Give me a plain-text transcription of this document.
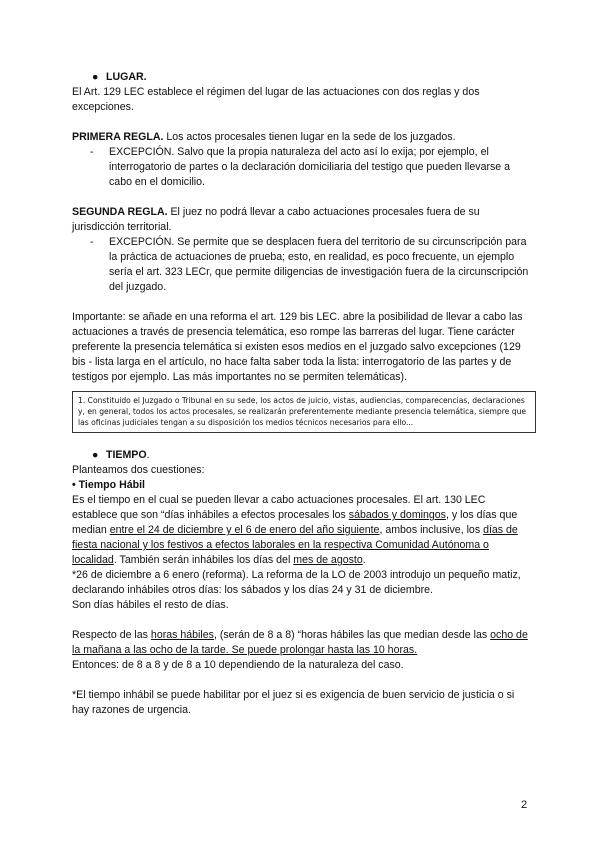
● LUGAR.

El Art. 129 LEC establece el régimen del lugar de las actuaciones con dos reglas y dos excepciones.

PRIMERA REGLA. Los actos procesales tienen lugar en la sede de los juzgados.

- EXCEPCIÓN. Salvo que la propia naturaleza del acto así lo exija; por ejemplo, el interrogatorio de partes o la declaración domiciliaria del testigo que pueden llevarse a cabo en el domicilio.

SEGUNDA REGLA. El juez no podrá llevar a cabo actuaciones procesales fuera de su jurisdicción territorial.

- EXCEPCIÓN. Se permite que se desplacen fuera del territorio de su circunscripción para la práctica de actuaciones de prueba; esto, en realidad, es poco frecuente, un ejemplo sería el art. 323 LECr, que permite diligencias de investigación fuera de la circunscripción del juzgado.

Importante: se añade en una reforma el art. 129 bis LEC. abre la posibilidad de llevar a cabo las actuaciones a través de presencia telemática, eso rompe las barreras del lugar. Tiene carácter preferente la presencia telemática si existen esos medios en el juzgado salvo excepciones (129 bis - lista larga en el artículo, no hace falta saber toda la lista: interrogatorio de las partes y de testigos por ejemplo. Las más importantes no se permiten telemáticas).

1. Constituido el Juzgado o Tribunal en su sede, los actos de juicio, vistas, audiencias, comparecencias, declaraciones y, en general, todos los actos procesales, se realizarán preferentemente mediante presencia telemática, siempre que las oficinas judiciales tengan a su disposición los medios técnicos necesarios para ello...

● TIEMPO.

Planteamos dos cuestiones:

• Tiempo Hábil

Es el tiempo en el cual se pueden llevar a cabo actuaciones procesales. El art. 130 LEC establece que son “días inhábiles a efectos procesales los sábados y domingos, y los días que median entre el 24 de diciembre y el 6 de enero del año siguiente, ambos inclusive, los días de fiesta nacional y los festivos a efectos laborales en la respectiva Comunidad Autónoma o localidad. También serán inhábiles los días del mes de agosto.

*26 de diciembre a 6 enero (reforma). La reforma de la LO de 2003 introdujo un pequeño matiz, declarando inhábiles otros días: los sábados y los días 24 y 31 de diciembre.

Son días hábiles el resto de días.

Respecto de las horas hábiles, (serán de 8 a 8) “horas hábiles las que median desde las ocho de la mañana a las ocho de la tarde. Se puede prolongar hasta las 10 horas.

Entonces: de 8 a 8 y de 8 a 10 dependiendo de la naturaleza del caso.

*El tiempo inhábil se puede habilitar por el juez si es exigencia de buen servicio de justicia o si hay razones de urgencia.

2
